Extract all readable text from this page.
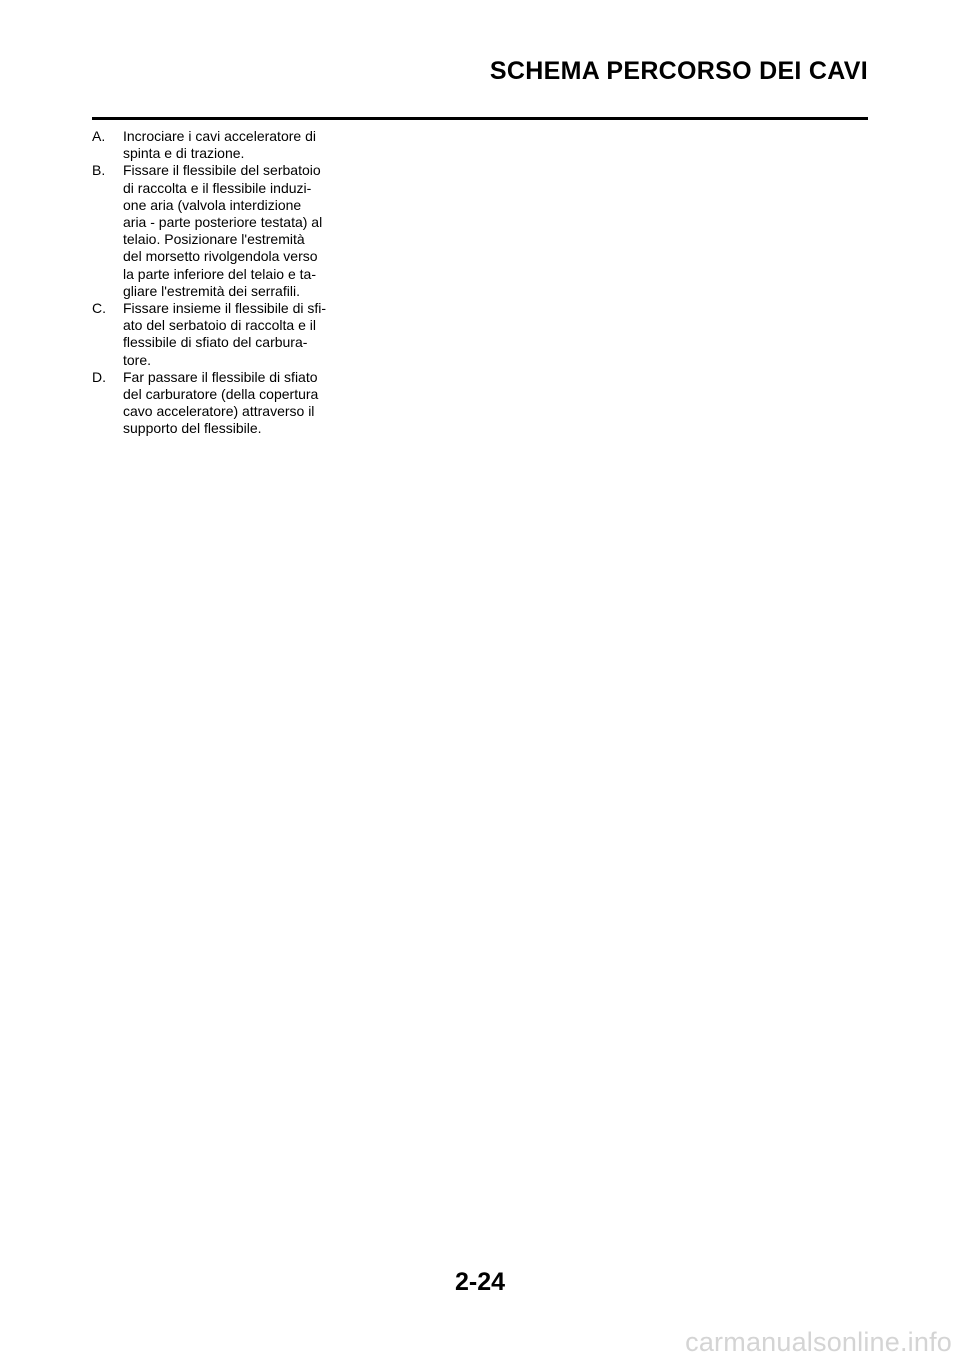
SCHEMA PERCORSO DEI CAVI
A.	Incrociare i cavi acceleratore di
spinta e di trazione.
B.	Fissare il flessibile del serbatoio
di raccolta e il flessibile induzi-
one aria (valvola interdizione
aria - parte posteriore testata) al
telaio. Posizionare l'estremità
del morsetto rivolgendola verso
la parte inferiore del telaio e ta-
gliare l'estremità dei serrafili.
C.	Fissare insieme il flessibile di sfi-
ato del serbatoio di raccolta e il
flessibile di sfiato del carbura-
tore.
D.	Far passare il flessibile di sfiato
del carburatore (della copertura
cavo acceleratore) attraverso il
supporto del flessibile.
2-24
carmanualsonline.info
